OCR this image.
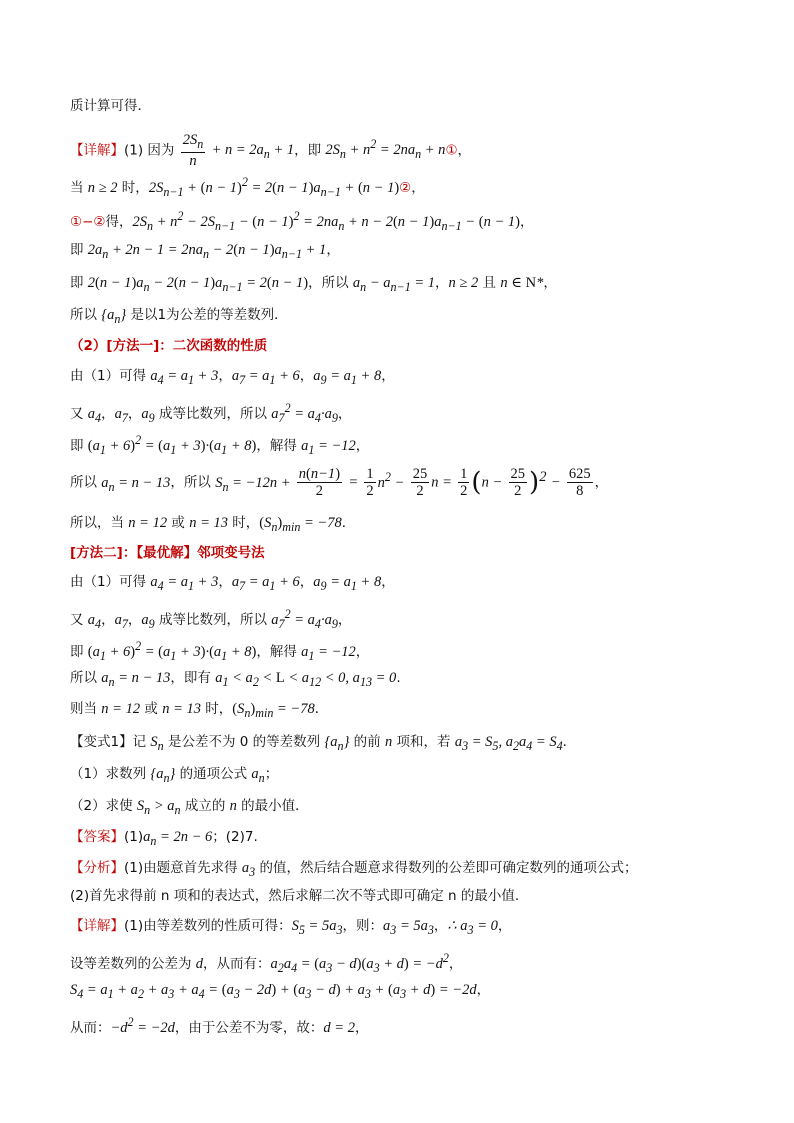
质计算可得．
【详解】(1) 因为 $\frac{2S_n}{n} + n = 2a_n + 1$，即 $2S_n + n^2 = 2na_n$ + n①，
当 n ≥ 2 时，$2S_{n-1} + (n - 1)^2 = 2(n - 1)a_{n-1} + (n$ − 1)②，
①−②得，$2S_n + n^2 - 2S_{n-1} - (n - 1)^2 = 2na_n + n - 2(n - 1)a_{n-1} - (n - 1)$，
即 $2a_n + 2n - 1 = 2na_n - 2(n - 1)a_{n-1} + 1$，
即 $2(n - 1)a_n - 2(n - 1)a_{n-1} = 2(n - 1)$，所以 $a_n - a_{n-1} = 1$，n ≥ 2 且 n ∈ N*，
所以 $\{a_n\}$ 是以1为公差的等差数列．
（2）[方法一]：二次函数的性质
由（1）可得 $a_4 = a_1 + 3$，$a_7 = a_1 + 6$，$a_9 = a_1 + 8$，
又 $a_4$，$a_7$，$a_9$ 成等比数列，所以 $a_7^2 = a_4\cdot a_9$，
即 $(a_1 + 6)^2 = (a_1 + 3)\cdot(a_1 + 8)$，解得 $a_1 = -12$，
所以 $a_n = n - 13$，所以 $S_n = -12n + \frac{n(n-1)}{2} = \frac{1}{2} n^2 - \frac{25}{2}$ $n = \frac{1}{2} (n - \frac{25}{2} )^2 - \frac{625}{8}$ ，
所以，当 n = 12 或 n = 13 时，$(S_n)_{min} = -78$．
[方法二]：【最优解】邻项变号法
由（1）可得 $a_4 = a_1 + 3$，$a_7 = a_1 + 6$，$a_9 = a_1 + 8$，
又 $a_4$，$a_7$，$a_9$ 成等比数列，所以 $a_7^2 = a_4\cdot a_9$，
即 $(a_1 + 6)^2 = (a_1 + 3)\cdot(a_1 + 8)$，解得 $a_1 = -12$，
所以 $a_n = n - 13$，即有 $a_1 < a_2 < L < a_{12} < 0$, $a_{13} = 0$.
则当 n = 12 或 n = 13 时，$(S_n)_{min} = -78$．
【变式1】记 $S_n$ 是公差不为 0 的等差数列 $\{a_n\}$ 的前 n 项和，若 $a_3 = S_5$, $a_2a_4 = S_4$．
（1）求数列 $\{a_n\}$ 的通项公式 $a_n$；
（2）求使 $S_n > a_n$ 成立的 n 的最小值．
【答案】$(1)a_n = 2n - 6$；(2)7.
【分析】(1)由题意首先求得 $a_3$ 的值，然后结合题意求得数列的公差即可确定数列的通项公式；
(2)首先求得前 n 项和的表达式，然后求解二次不等式即可确定 n 的最小值.
【详解】(1)由等差数列的性质可得：$S_5 = 5a_3$，则：$a_3 = 5a_3$，∴ $a_3 = 0$，
设等差数列的公差为 d，从而有：$a_2a_4 = (a_3 - d)(a_3 + d) = -d^2$，
$S_4 = a_1 + a_2 + a_3 + a_4 = (a_3 - 2d) + (a_3 - d) + a_3 + (a_3 + d) = -2d$，
从而：$-d^2 = -2d$，由于公差不为零，故：d = 2，
